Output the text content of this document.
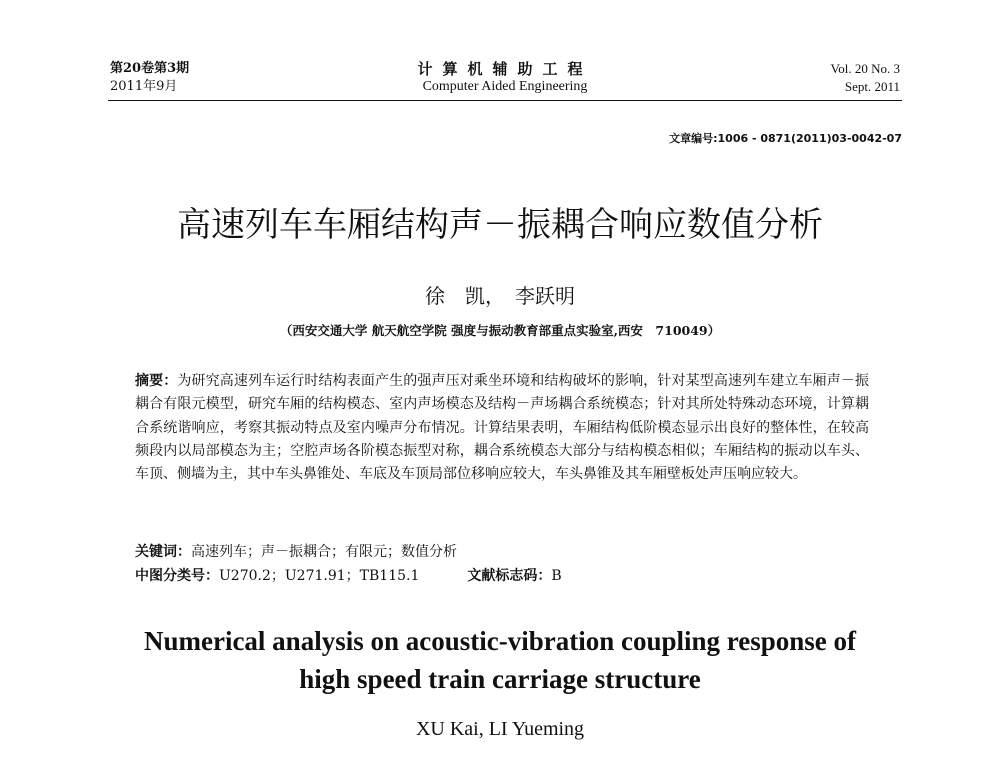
第20卷第3期
2011年9月
计算机辅助工程
Computer Aided Engineering
Vol. 20 No. 3
Sept. 2011
文章编号:1006 - 0871(2011)03-0042-07
高速列车车厢结构声－振耦合响应数值分析
徐　凯，　李跃明
（西安交通大学 航天航空学院 强度与振动教育部重点实验室,西安　710049）

摘要：为研究高速列车运行时结构表面产生的强声压对乘坐环境和结构破坏的影响，针对某型高速列车建立车厢声－振耦合有限元模型，研究车厢的结构模态、室内声场模态及结构－声场耦合系统模态；针对其所处特殊动态环境，计算耦合系统谐响应，考察其振动特点及室内噪声分布情况。计算结果表明，车厢结构低阶模态显示出良好的整体性，在较高频段内以局部模态为主；空腔声场各阶模态振型对称，耦合系统模态大部分与结构模态相似；车厢结构的振动以车头、车顶、侧墙为主，其中车头鼻锥处、车底及车顶局部位移响应较大，车头鼻锥及其车厢壁板处声压响应较大。

关键词：高速列车；声－振耦合；有限元；数值分析
中图分类号：U270.2；U271.91；TB115.1	文献标志码：B
Numerical analysis on acoustic-vibration coupling response of
high speed train carriage structure
XU Kai, LI Yueming
